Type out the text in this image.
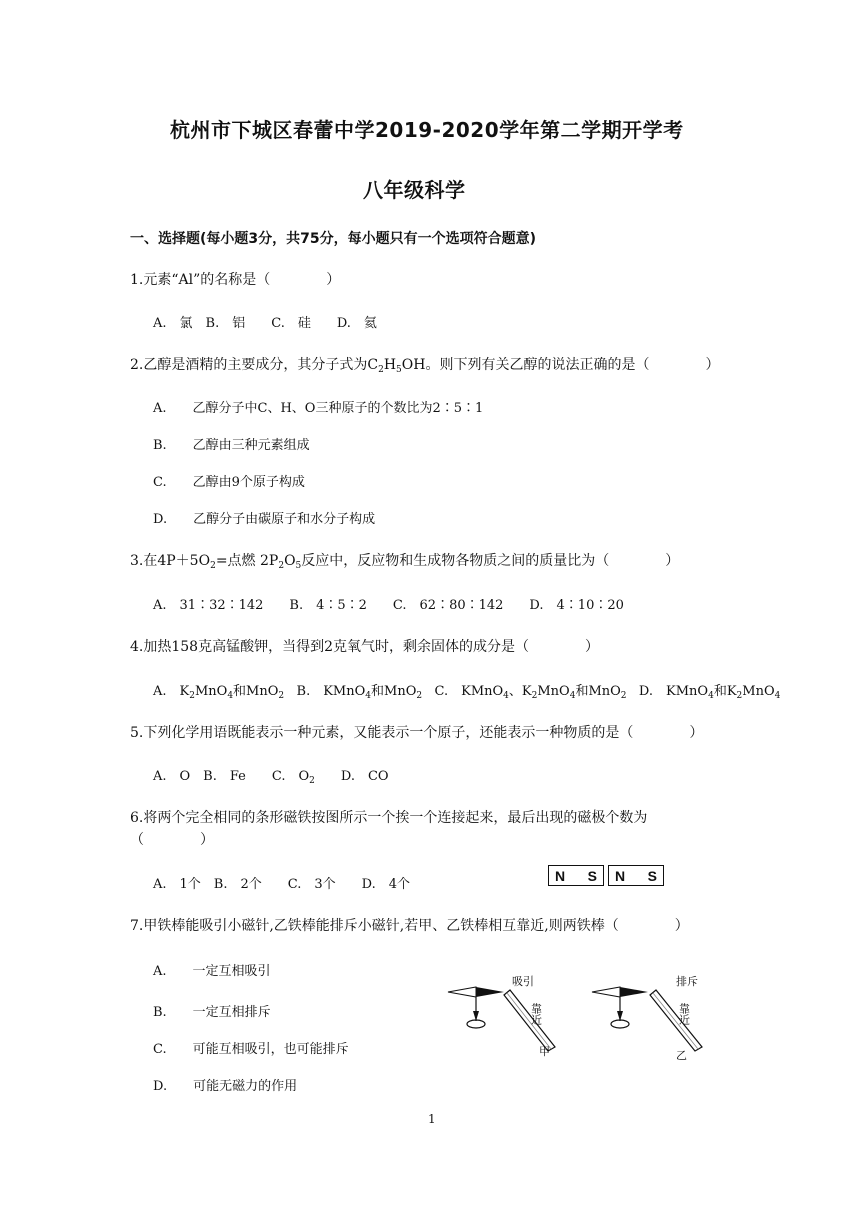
杭州市下城区春蕾中学2019-2020学年第二学期开学考
八年级科学
一、选择题(每小题3分，共75分，每小题只有一个选项符合题意)
1.元素“Al”的名称是（　　　　）
A.　氯　B.　铝　　C.　硅　　D.　氦
2.乙醇是酒精的主要成分，其分子式为$C_2H_5OH$。则下列有关乙醇的说法正确的是（　　　　）
A.　　乙醇分子中C、H、O三种原子的个数比为2∶5∶1
B.　　乙醇由三种元素组成
C.　　乙醇由9个原子构成
D.　　乙醇分子由碳原子和水分子构成
3.在$4P+5O_2=$点燃 $2P_2O_5$反应中，反应物和生成物各物质之间的质量比为（　　　　）
A.　31∶32∶142　　B.　4∶5∶2　　C.　62∶80∶142　　D.　4∶10∶20
4.加热158克高锰酸钾，当得到2克氧气时，剩余固体的成分是（　　　　）
A.　$K_2MnO_4$和MnO$_2$ B.　KMnO$_4$和MnO$_2$ C.　KMnO$_4$、$K_2MnO_4$和MnO$_2$ D.　KMnO$_4$和$K_2MnO_4$
5.下列化学用语既能表示一种元素，又能表示一个原子，还能表示一种物质的是（　　　　）
A.　O　B.　Fe　　C.　$O_2$　　D.　CO
6.将两个完全相同的条形磁铁按图所示一个挨一个连接起来，最后出现的磁极个数为
（　　　　）
A.　1个　B.　2个　　C.　3个　　D.　4个
N S N S
7.甲铁棒能吸引小磁针,乙铁棒能排斥小磁针,若甲、乙铁棒相互靠近,则两铁棒（　　　　）
A.　　一定互相吸引
B.　　一定互相排斥
C.　　可能互相吸引，也可能排斥
D.　　可能无磁力的作用
吸引	排斥
靠近	靠近
甲	乙
1
